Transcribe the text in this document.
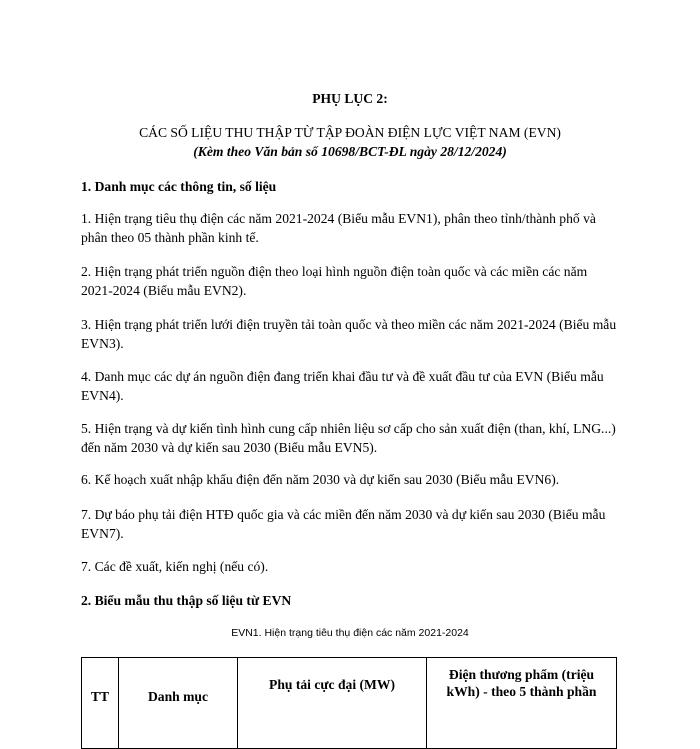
PHỤ LỤC 2:
CÁC SỐ LIỆU THU THẬP TỪ TẬP ĐOÀN ĐIỆN LỰC VIỆT NAM (EVN)
(Kèm theo Văn bản số 10698/BCT-ĐL ngày 28/12/2024)
1. Danh mục các thông tin, số liệu
1. Hiện trạng tiêu thụ điện các năm 2021-2024 (Biểu mẫu EVN1), phân theo tỉnh/thành phố và phân theo 05 thành phần kinh tế.
2. Hiện trạng phát triển nguồn điện theo loại hình nguồn điện toàn quốc và các miền các năm 2021-2024 (Biểu mẫu EVN2).
3. Hiện trạng phát triển lưới điện truyền tải toàn quốc và theo miền các năm 2021-2024 (Biểu mẫu EVN3).
4. Danh mục các dự án nguồn điện đang triển khai đầu tư và đề xuất đầu tư của EVN (Biểu mẫu EVN4).
5. Hiện trạng và dự kiến tình hình cung cấp nhiên liệu sơ cấp cho sản xuất điện (than, khí, LNG...) đến năm 2030 và dự kiến sau 2030 (Biểu mẫu EVN5).
6. Kế hoạch xuất nhập khẩu điện đến năm 2030 và dự kiến sau 2030 (Biểu mẫu EVN6).
7. Dự báo phụ tải điện HTĐ quốc gia và các miền đến năm 2030 và dự kiến sau 2030 (Biểu mẫu EVN7).
7. Các đề xuất, kiến nghị (nếu có).
2. Biểu mẫu thu thập số liệu từ EVN
EVN1. Hiện trạng tiêu thụ điện các năm 2021-2024
TT	Danh mục	Phụ tải cực đại (MW)	Điện thương phẩm (triệu kWh) - theo 5 thành phần
